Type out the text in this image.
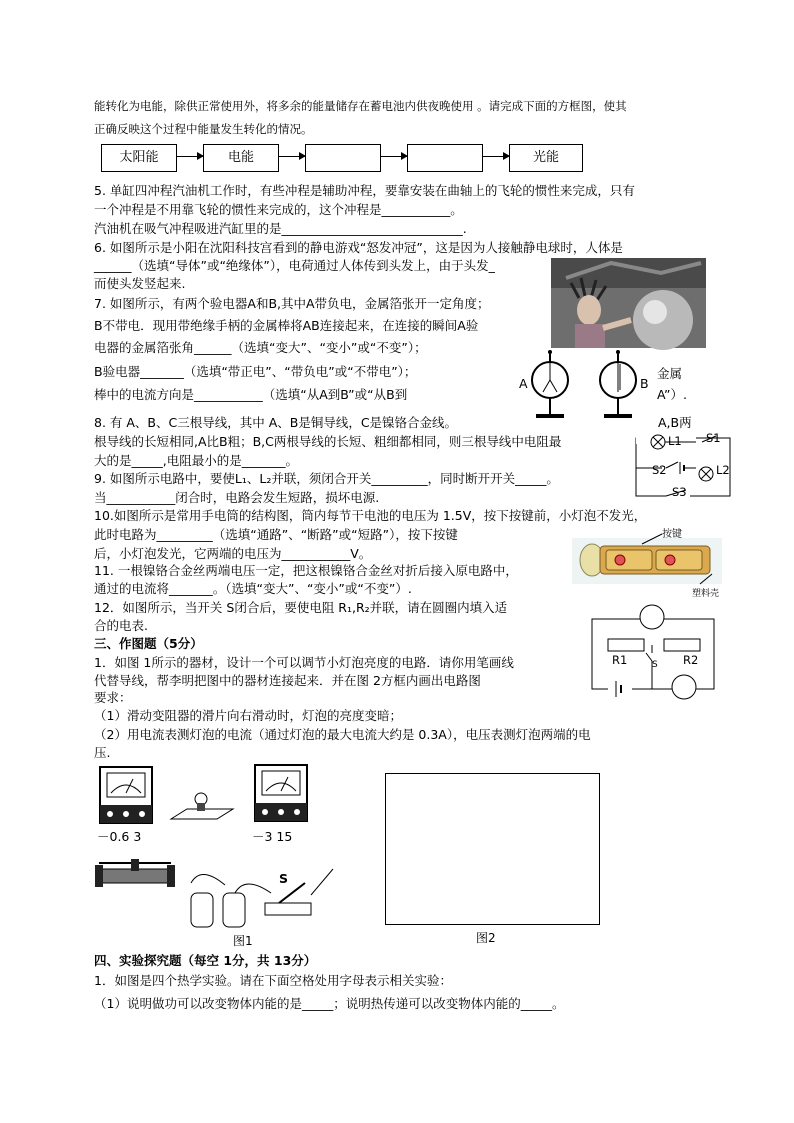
能转化为电能，除供正常使用外，将多余的能量储存在蓄电池内供夜晚使用 。请完成下面的方框图，使其
正确反映这个过程中能量发生转化的情况。
太阳能	电能	光能
5. 单缸四冲程汽油机工作时，有些冲程是辅助冲程，要靠安装在曲轴上的飞轮的惯性来完成，只有
一个冲程是不用靠飞轮的惯性来完成的，这个冲程是___________。
汽油机在吸气冲程吸进汽缸里的是_____________________________.
6. 如图所示是小阳在沈阳科技宫看到的静电游戏“怒发冲冠”，这是因为人接触静电球时，人体是
______（选填“导体”或“绝缘体”），电荷通过人体传到头发上，由于头发_
而使头发竖起来.
7. 如图所示，有两个验电器A和B,其中A带负电，金属箔张开一定角度；
B不带电．现用带绝缘手柄的金属棒将AB连接起来，在连接的瞬间A验
电器的金属箔张角______（选填“变大”、“变小”或“不变”）；
B验电器_______（选填“带正电”、“带负电”或“不带电”）；
棒中的电流方向是___________（选填“从A到B”或“从B到
A	B
金属
A”）.
8. 有 A、B、C三根导线，其中 A、B是铜导线，C是镍铬合金线。	A,B两
根导线的长短相同,A比B粗；B,C两根导线的长短、粗细都相同，则三根导线中电阻最
大的是_____,电阻最小的是_______。
L1 S1
S2	L2
S3
9. 如图所示电路中，要使L₁、L₂并联，须闭合开关_________，同时断开开关_____。
当___________闭合时，电路会发生短路，损坏电源.
10.如图所示是常用手电筒的结构图，筒内每节干电池的电压为 1.5V，按下按键前，小灯泡不发光，
此时电路为_________（选填“通路”、“断路”或“短路”），按下按键
后，小灯泡发光，它两端的电压为___________V。
按键
塑料壳
11. 一根镍铬合金丝两端电压一定，把这根镍铬合金丝对折后接入原电路中，
通过的电流将_______。（选填“变大”、“变小”或“不变”）.
12．如图所示，当开关 S闭合后，要使电阻 R₁,R₂并联，请在圆圈内填入适
合的电表.
R1	S R2
三、作图题（5分）
1．如图 1所示的器材，设计一个可以调节小灯泡亮度的电路．请你用笔画线
代替导线，帮李明把图中的器材连接起来．并在图 2方框内画出电路图
要求：
（1）滑动变阻器的滑片向右滑动时，灯泡的亮度变暗；
（2）用电流表测灯泡的电流（通过灯泡的最大电流大约是 0.3A），电压表测灯泡两端的电
压.
－0.6 3	－3 15
S
图1	图2
四、实验探究题（每空 1分，共 13分）
1．如图是四个热学实验。请在下面空格处用字母表示相关实验：
（1）说明做功可以改变物体内能的是_____；说明热传递可以改变物体内能的_____。
